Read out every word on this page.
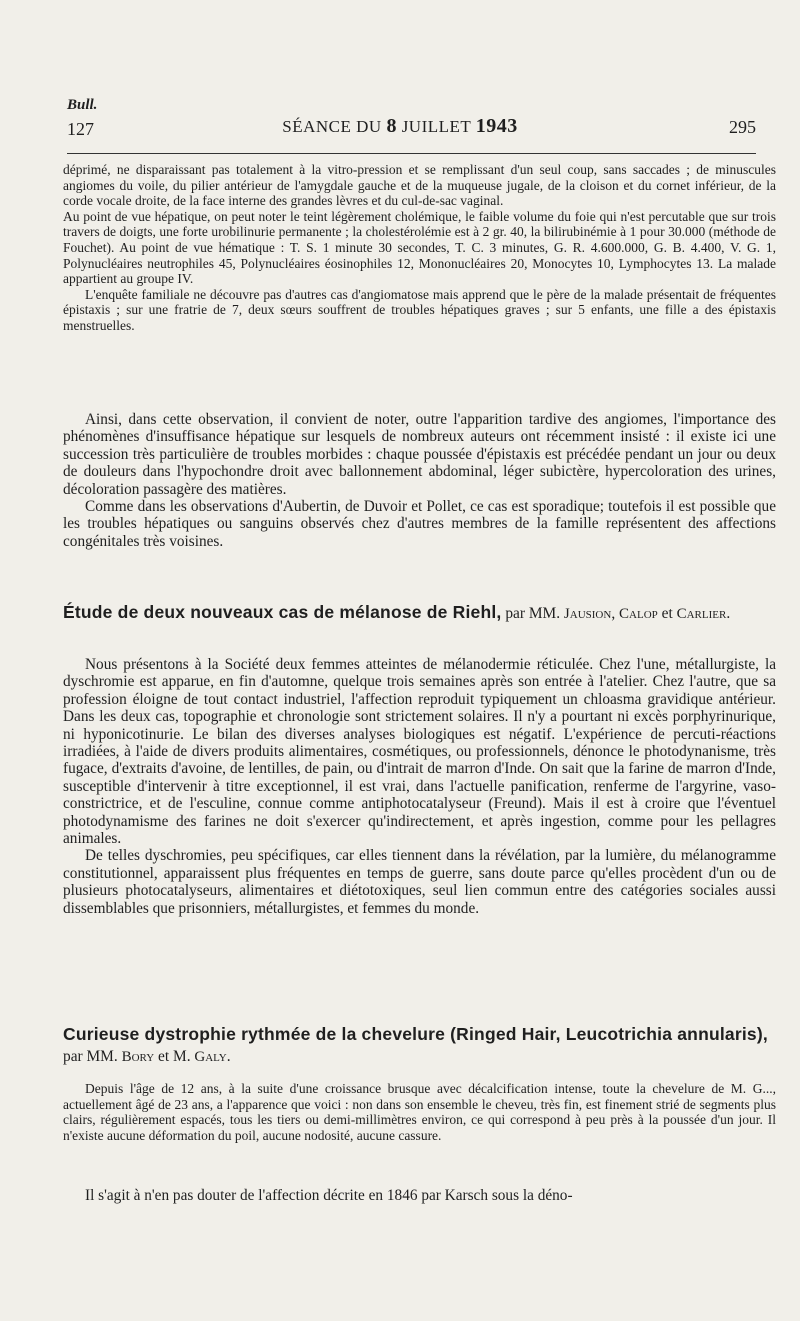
Bull.
127	SÉANCE DU 8 JUILLET 1943	295

déprimé, ne disparaissant pas totalement à la vitro-pression et se remplissant d'un seul coup, sans saccades ; de minuscules angiomes du voile, du pilier antérieur de l'amygdale gauche et de la muqueuse jugale, de la cloison et du cornet inférieur, de la corde vocale droite, de la face interne des grandes lèvres et du cul-de-sac vaginal.

Au point de vue hépatique, on peut noter le teint légèrement cholémique, le faible volume du foie qui n'est percutable que sur trois travers de doigts, une forte urobilinurie permanente ; la cholestérolémie est à 2 gr. 40, la bilirubinémie à 1 pour 30.000 (méthode de Fouchet). Au point de vue hématique : T. S. 1 minute 30 secondes, T. C. 3 minutes, G. R. 4.600.000, G. B. 4.400, V. G. 1, Polynucléaires neutrophiles 45, Polynucléaires éosinophiles 12, Mononucléaires 20, Monocytes 10, Lymphocytes 13. La malade appartient au groupe IV.

L'enquête familiale ne découvre pas d'autres cas d'angiomatose mais apprend que le père de la malade présentait de fréquentes épistaxis ; sur une fratrie de 7, deux sœurs souffrent de troubles hépatiques graves ; sur 5 enfants, une fille a des épistaxis menstruelles.

Ainsi, dans cette observation, il convient de noter, outre l'apparition tardive des angiomes, l'importance des phénomènes d'insuffisance hépatique sur lesquels de nombreux auteurs ont récemment insisté : il existe ici une succession très particulière de troubles morbides : chaque poussée d'épistaxis est précédée pendant un jour ou deux de douleurs dans l'hypochondre droit avec ballonnement abdominal, léger subictère, hypercoloration des urines, décoloration passagère des matières.

Comme dans les observations d'Aubertin, de Duvoir et Pollet, ce cas est sporadique; toutefois il est possible que les troubles hépatiques ou sanguins observés chez d'autres membres de la famille représentent des affections congénitales très voisines.

Étude de deux nouveaux cas de mélanose de Riehl, par MM. Jausion, Calop et Carlier.

Nous présentons à la Société deux femmes atteintes de mélanodermie réticulée. Chez l'une, métallurgiste, la dyschromie est apparue, en fin d'automne, quelque trois semaines après son entrée à l'atelier. Chez l'autre, que sa profession éloigne de tout contact industriel, l'affection reproduit typiquement un chloasma gravidique antérieur. Dans les deux cas, topographie et chronologie sont strictement solaires. Il n'y a pourtant ni excès porphyrinurique, ni hyponicotinurie. Le bilan des diverses analyses biologiques est négatif. L'expérience de percuti-réactions irradiées, à l'aide de divers produits alimentaires, cosmétiques, ou professionnels, dénonce le photodynanisme, très fugace, d'extraits d'avoine, de lentilles, de pain, ou d'intrait de marron d'Inde. On sait que la farine de marron d'Inde, susceptible d'intervenir à titre exceptionnel, il est vrai, dans l'actuelle panification, renferme de l'argyrine, vaso-constrictrice, et de l'esculine, connue comme antiphotocatalyseur (Freund). Mais il est à croire que l'éventuel photodynamisme des farines ne doit s'exercer qu'indirectement, et après ingestion, comme pour les pellagres animales.

De telles dyschromies, peu spécifiques, car elles tiennent dans la révélation, par la lumière, du mélanogramme constitutionnel, apparaissent plus fréquentes en temps de guerre, sans doute parce qu'elles procèdent d'un ou de plusieurs photocatalyseurs, alimentaires et diétotoxiques, seul lien commun entre des catégories sociales aussi dissemblables que prisonniers, métallurgistes, et femmes du monde.

Curieuse dystrophie rythmée de la chevelure (Ringed Hair, Leucotrichia annularis), par MM. Bory et M. Galy.

Depuis l'âge de 12 ans, à la suite d'une croissance brusque avec décalcification intense, toute la chevelure de M. G..., actuellement âgé de 23 ans, a l'apparence que voici : non dans son ensemble le cheveu, très fin, est finement strié de segments plus clairs, régulièrement espacés, tous les tiers ou demi-millimètres environ, ce qui correspond à peu près à la poussée d'un jour. Il n'existe aucune déformation du poil, aucune nodosité, aucune cassure.

Il s'agit à n'en pas douter de l'affection décrite en 1846 par Karsch sous la déno-
